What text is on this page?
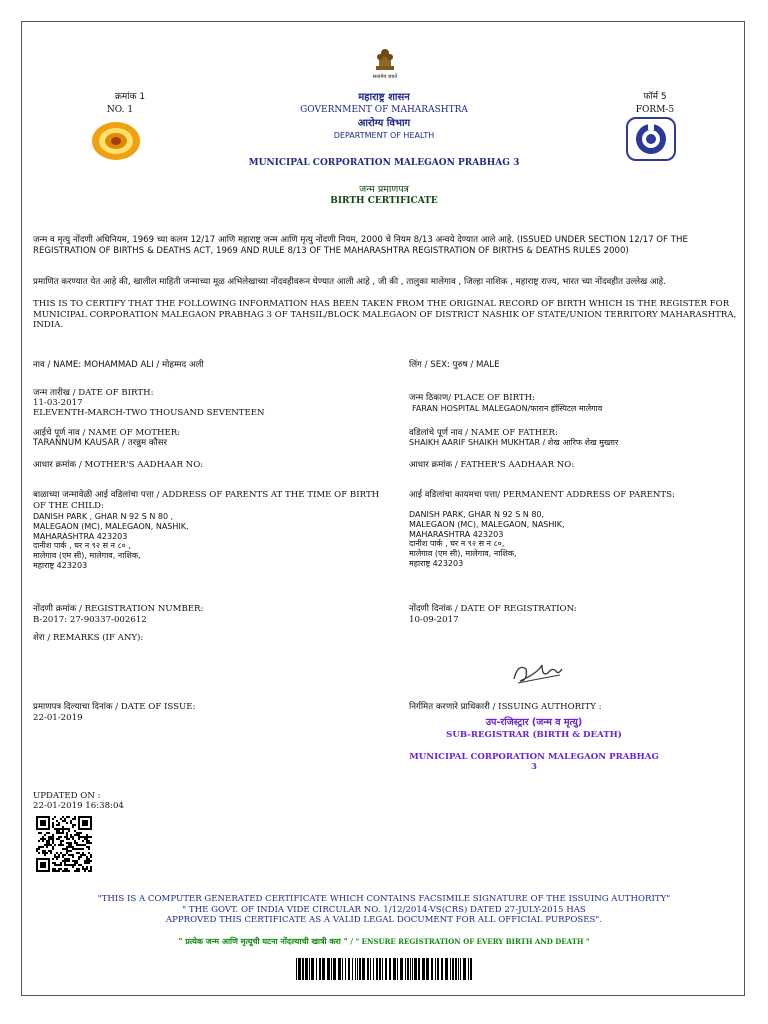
सत्यमेव जयते
क्रमांक 1
NO. 1
महाराष्ट्र शासन
GOVERNMENT OF MAHARASHTRA
आरोग्य विभाग
DEPARTMENT OF HEALTH
MUNICIPAL CORPORATION MALEGAON PRABHAG 3
जन्म प्रमाणपत्र
BIRTH CERTIFICATE
फॉर्म 5
FORM-5
जन्म व मृत्यु नोंदणी अधिनियम, 1969 च्या कलम 12/17 आणि महाराष्ट्र जन्म आणि मृत्यु नोंदणी नियम, 2000 चे नियम 8/13 अन्वये देण्यात आले आहे. (ISSUED UNDER SECTION 12/17 OF THE REGISTRATION OF BIRTHS & DEATHS ACT, 1969 AND RULE 8/13 OF THE MAHARASHTRA REGISTRATION OF BIRTHS & DEATHS RULES 2000)
प्रमाणित करण्यात येत आहे की, खालील माहिती जन्माच्या मूळ अभिलेखाच्या नोंदवहीवरून घेण्यात आली आहे , जी की , तालुका मालेगाव , जिल्हा नाशिक , महाराष्ट्र राज्य, भारत च्या नोंदवहीत उल्लेख आहे.
THIS IS TO CERTIFY THAT THE FOLLOWING INFORMATION HAS BEEN TAKEN FROM THE ORIGINAL RECORD OF BIRTH WHICH IS THE REGISTER FOR MUNICIPAL CORPORATION MALEGAON PRABHAG 3 OF TAHSIL/BLOCK MALEGAON OF DISTRICT NASHIK OF STATE/UNION TERRITORY MAHARASHTRA, INDIA.
नाव / NAME: MOHAMMAD ALI / मोहम्मद अली	लिंग / SEX: पुरुष / MALE
जन्म तारीख / DATE OF BIRTH:
11-03-2017
ELEVENTH-MARCH-TWO THOUSAND SEVENTEEN
जन्म ठिकाण/ PLACE OF BIRTH:
FARAN HOSPITAL MALEGAON/फारान हॉस्पिटल मालेगाव
आईचे पूर्ण नाव / NAME OF MOTHER:
TARANNUM KAUSAR / तरन्नुम कौसर
वडिलांचे पूर्ण नाव / NAME OF FATHER:
SHAIKH AARIF SHAIKH MUKHTAR / शेख आरिफ शेख मुख्तार
आधार क्रमांक / MOTHER'S AADHAAR NO:	आधार क्रमांक / FATHER'S AADHAAR NO:
बाळाच्या जन्मावेळी आई वडिलांचा पत्ता / ADDRESS OF PARENTS AT THE TIME OF BIRTH OF THE CHILD:
DANISH PARK , GHAR N 92 S N 80 ,
MALEGAON (MC), MALEGAON, NASHIK,
MAHARASHTRA 423203
दानीश पार्क , घर न ९२ स न ८० ,
मालेगाव (एम सी), मालेगाव, नाशिक,
महाराष्ट्र 423203
आई वडिलांचा कायमचा पत्ता/ PERMANENT ADDRESS OF PARENTS:
DANISH PARK, GHAR N 92 S N 80,
MALEGAON (MC), MALEGAON, NASHIK,
MAHARASHTRA 423203
दानीश पार्क , घर न ९२ स न ८०,
मालेगाव (एम सी), मालेगाव, नाशिक,
महाराष्ट्र 423203
नोंदणी क्रमांक / REGISTRATION NUMBER:
B-2017: 27-90337-002612
नोंदणी दिनांक / DATE OF REGISTRATION:
10-09-2017
शेरा / REMARKS (IF ANY):
प्रमाणपत्र दिल्याचा दिनांक / DATE OF ISSUE:
22-01-2019
निर्गमित करणारे प्राधिकारी / ISSUING AUTHORITY :
उप-रजिस्ट्रार (जन्म व मृत्यु)
SUB-REGISTRAR (BIRTH & DEATH)
MUNICIPAL CORPORATION MALEGAON PRABHAG 3
UPDATED ON :
22-01-2019 16:38:04
"THIS IS A COMPUTER GENERATED CERTIFICATE WHICH CONTAINS FACSIMILE SIGNATURE OF THE ISSUING AUTHORITY"
" THE GOVT. OF INDIA VIDE CIRCULAR NO. 1/12/2014-VS(CRS) DATED 27-JULY-2015 HAS
APPROVED THIS CERTIFICATE AS A VALID LEGAL DOCUMENT FOR ALL OFFICIAL PURPOSES".
" प्रत्येक जन्म आणि मृत्यूची घटना नोंदल्याची खात्री करा " / " ENSURE REGISTRATION OF EVERY BIRTH AND DEATH "
